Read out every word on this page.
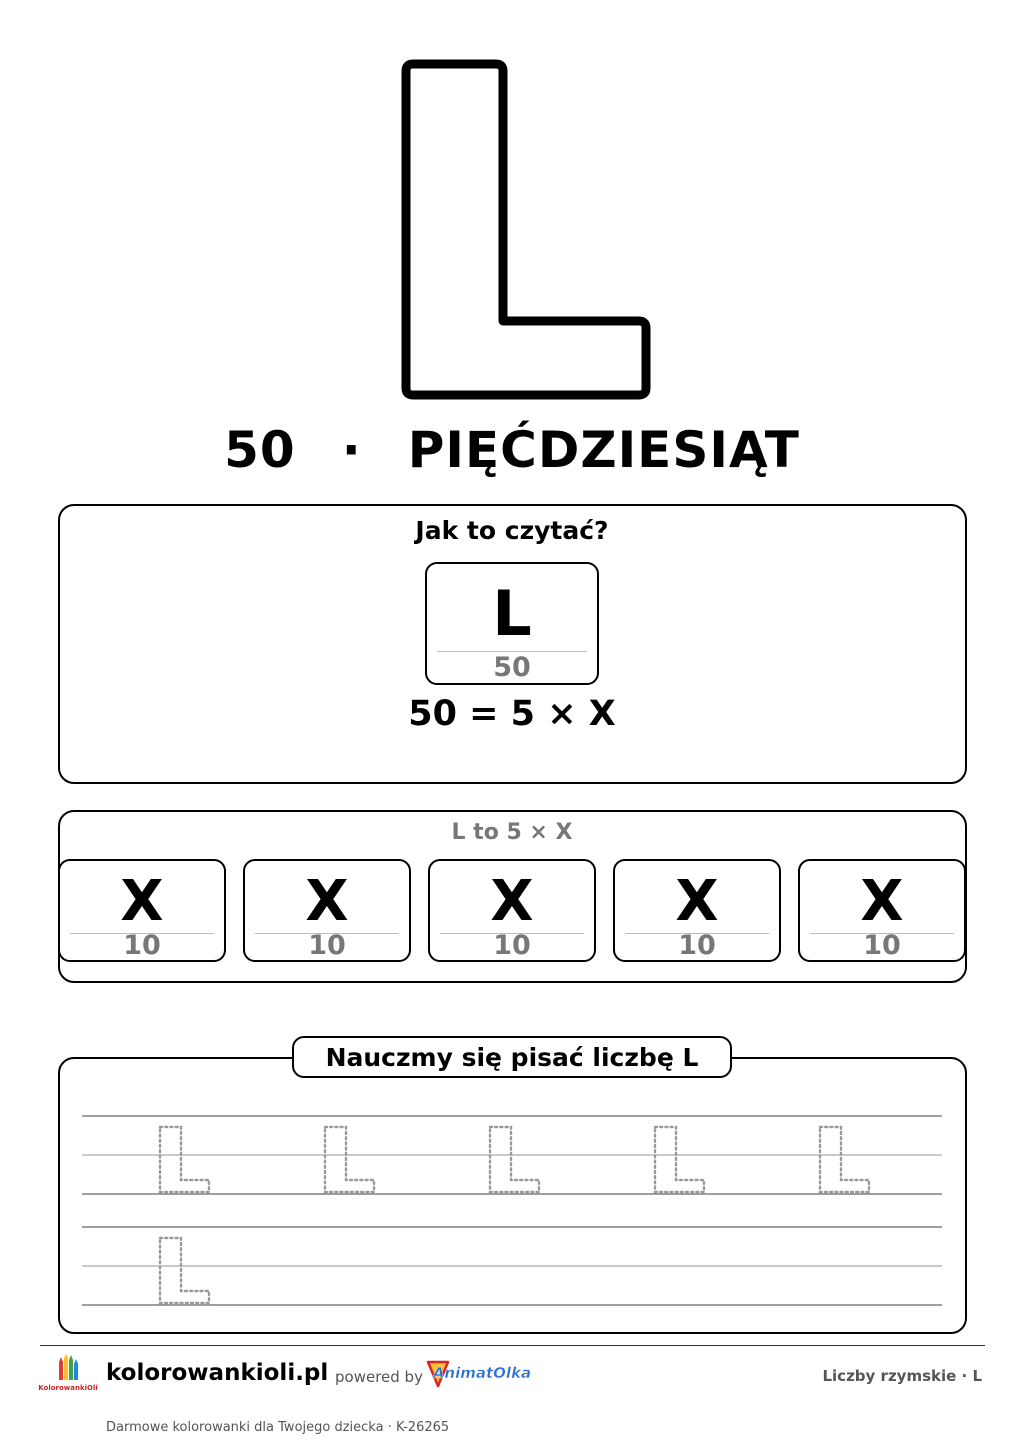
50 · PIĘĆDZIESIĄT
Jak to czytać?
L
50
50 = 5 × X
L to 5 × X
X
10
X
10
X
10
X
10
X
10
Nauczmy się pisać liczbę L
KolorowankiOli
kolorowankioli.pl powered by AnimatOlka	Liczby rzymskie · L
Darmowe kolorowanki dla Twojego dziecka · K-26265
